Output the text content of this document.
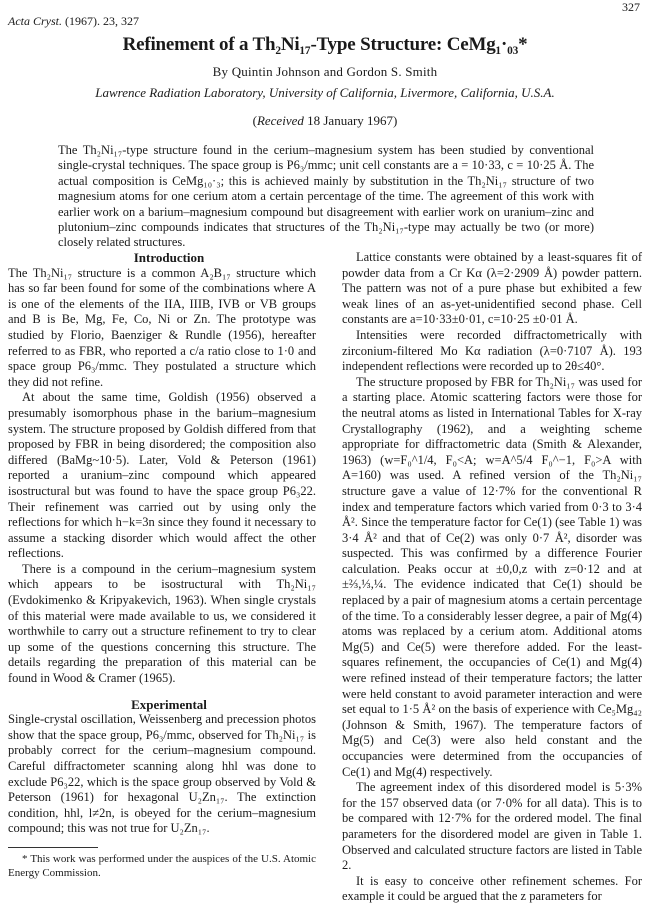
327
Acta Cryst. (1967). 23, 327
Refinement of a Th₂Ni₁₇-Type Structure: CeMg₁·₀₃*
By Quintin Johnson and Gordon S. Smith
Lawrence Radiation Laboratory, University of California, Livermore, California, U.S.A.
(Received 18 January 1967)
The Th₂Ni₁₇-type structure found in the cerium–magnesium system has been studied by conventional single-crystal techniques. The space group is P6₃/mmc; unit cell constants are a = 10·33, c = 10·25 Å. The actual composition is CeMg₁₀·₃; this is achieved mainly by substitution in the Th₂Ni₁₇ structure of two magnesium atoms for one cerium atom a certain percentage of the time. The agreement of this work with earlier work on a barium–magnesium compound but disagreement with earlier work on uranium–zinc and plutonium–zinc compounds indicates that structures of the Th₂Ni₁₇-type may actually be two (or more) closely related structures.

Introduction

The Th₂Ni₁₇ structure is a common A₂B₁₇ structure which has so far been found for some of the combinations where A is one of the elements of the IIA, IIIB, IVB or VB groups and B is Be, Mg, Fe, Co, Ni or Zn. The prototype was studied by Florio, Baenziger & Rundle (1956), hereafter referred to as FBR, who reported a c/a ratio close to 1·0 and space group P6₃/mmc. They postulated a structure which they did not refine.

At about the same time, Goldish (1956) observed a presumably isomorphous phase in the barium–magnesium system. The structure proposed by Goldish differed from that proposed by FBR in being disordered; the composition also differed (BaMg~10·5). Later, Vold & Peterson (1961) reported a uranium–zinc compound which appeared isostructural but was found to have the space group P6₃22. Their refinement was carried out by using only the reflections for which h−k=3n since they found it necessary to assume a stacking disorder which would affect the other reflections.

There is a compound in the cerium–magnesium system which appears to be isostructural with Th₂Ni₁₇ (Evdokimenko & Kripyakevich, 1963). When single crystals of this material were made available to us, we considered it worthwhile to carry out a structure refinement to try to clear up some of the questions concerning this structure. The details regarding the preparation of this material can be found in Wood & Cramer (1965).

Experimental

Single-crystal oscillation, Weissenberg and precession photos show that the space group, P6₃/mmc, observed for Th₂Ni₁₇ is probably correct for the cerium–magnesium compound. Careful diffractometer scanning along hhl was done to exclude P6₃22, which is the space group observed by Vold & Peterson (1961) for hexagonal U₂Zn₁₇. The extinction condition, hhl, l≠2n, is obeyed for the cerium–magnesium compound; this was not true for U₂Zn₁₇.

* This work was performed under the auspices of the U.S. Atomic Energy Commission.

Lattice constants were obtained by a least-squares fit of powder data from a Cr Kα (λ=2·2909 Å) powder pattern. The pattern was not of a pure phase but exhibited a few weak lines of an as-yet-unidentified second phase. Cell constants are a=10·33±0·01, c=10·25 ±0·01 Å.

Intensities were recorded diffractometrically with zirconium-filtered Mo Kα radiation (λ=0·7107 Å). 193 independent reflections were recorded up to 2θ≤40°.

The structure proposed by FBR for Th₂Ni₁₇ was used for a starting place. Atomic scattering factors were those for the neutral atoms as listed in International Tables for X-ray Crystallography (1962), and a weighting scheme appropriate for diffractometric data (Smith & Alexander, 1963) (w=F₀^1/4, F₀<A; w=A^5/4 F₀^−1, F₀>A with A=160) was used. A refined version of the Th₂Ni₁₇ structure gave a value of 12·7% for the conventional R index and temperature factors which varied from 0·3 to 3·4 Å². Since the temperature factor for Ce(1) (see Table 1) was 3·4 Å² and that of Ce(2) was only 0·7 Å², disorder was suspected. This was confirmed by a difference Fourier calculation. Peaks occur at ±0,0,z with z=0·12 and at ±⅔,⅓,¼. The evidence indicated that Ce(1) should be replaced by a pair of magnesium atoms a certain percentage of the time. To a considerably lesser degree, a pair of Mg(4) atoms was replaced by a cerium atom. Additional atoms Mg(5) and Ce(5) were therefore added. For the least-squares refinement, the occupancies of Ce(1) and Mg(4) were refined instead of their temperature factors; the latter were held constant to avoid parameter interaction and were set equal to 1·5 Å² on the basis of experience with Ce₅Mg₄₂ (Johnson & Smith, 1967). The temperature factors of Mg(5) and Ce(3) were also held constant and the occupancies were determined from the occupancies of Ce(1) and Mg(4) respectively.

The agreement index of this disordered model is 5·3% for the 157 observed data (or 7·0% for all data). This is to be compared with 12·7% for the ordered model. The final parameters for the disordered model are given in Table 1. Observed and calculated structure factors are listed in Table 2.

It is easy to conceive other refinement schemes. For example it could be argued that the z parameters for
